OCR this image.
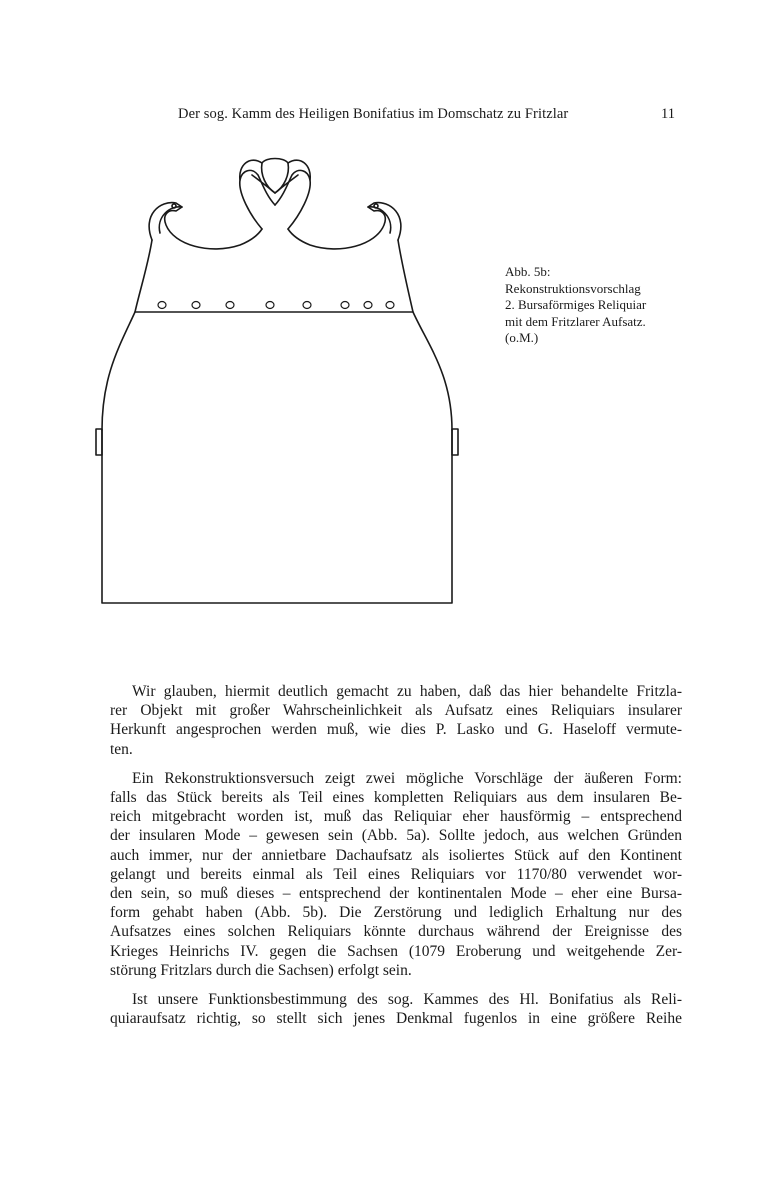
Der sog. Kamm des Heiligen Bonifatius im Domschatz zu Fritzlar	11
Abb. 5b:
Rekonstruktionsvorschlag
2. Bursaförmiges Reliquiar
mit dem Fritzlarer Aufsatz.
(o.M.)
Wir glauben, hiermit deutlich gemacht zu haben, daß das hier behandelte Fritzla-
rer Objekt mit großer Wahrscheinlichkeit als Aufsatz eines Reliquiars insularer
Herkunft angesprochen werden muß, wie dies P. Lasko und G. Haseloff vermute-
ten.
Ein Rekonstruktionsversuch zeigt zwei mögliche Vorschläge der äußeren Form:
falls das Stück bereits als Teil eines kompletten Reliquiars aus dem insularen Be-
reich mitgebracht worden ist, muß das Reliquiar eher hausförmig – entsprechend
der insularen Mode – gewesen sein (Abb. 5a). Sollte jedoch, aus welchen Gründen
auch immer, nur der annietbare Dachaufsatz als isoliertes Stück auf den Kontinent
gelangt und bereits einmal als Teil eines Reliquiars vor 1170/80 verwendet wor-
den sein, so muß dieses – entsprechend der kontinentalen Mode – eher eine Bursa-
form gehabt haben (Abb. 5b). Die Zerstörung und lediglich Erhaltung nur des
Aufsatzes eines solchen Reliquiars könnte durchaus während der Ereignisse des
Krieges Heinrichs IV. gegen die Sachsen (1079 Eroberung und weitgehende Zer-
störung Fritzlars durch die Sachsen) erfolgt sein.
Ist unsere Funktionsbestimmung des sog. Kammes des Hl. Bonifatius als Reli-
quiaraufsatz richtig, so stellt sich jenes Denkmal fugenlos in eine größere Reihe
